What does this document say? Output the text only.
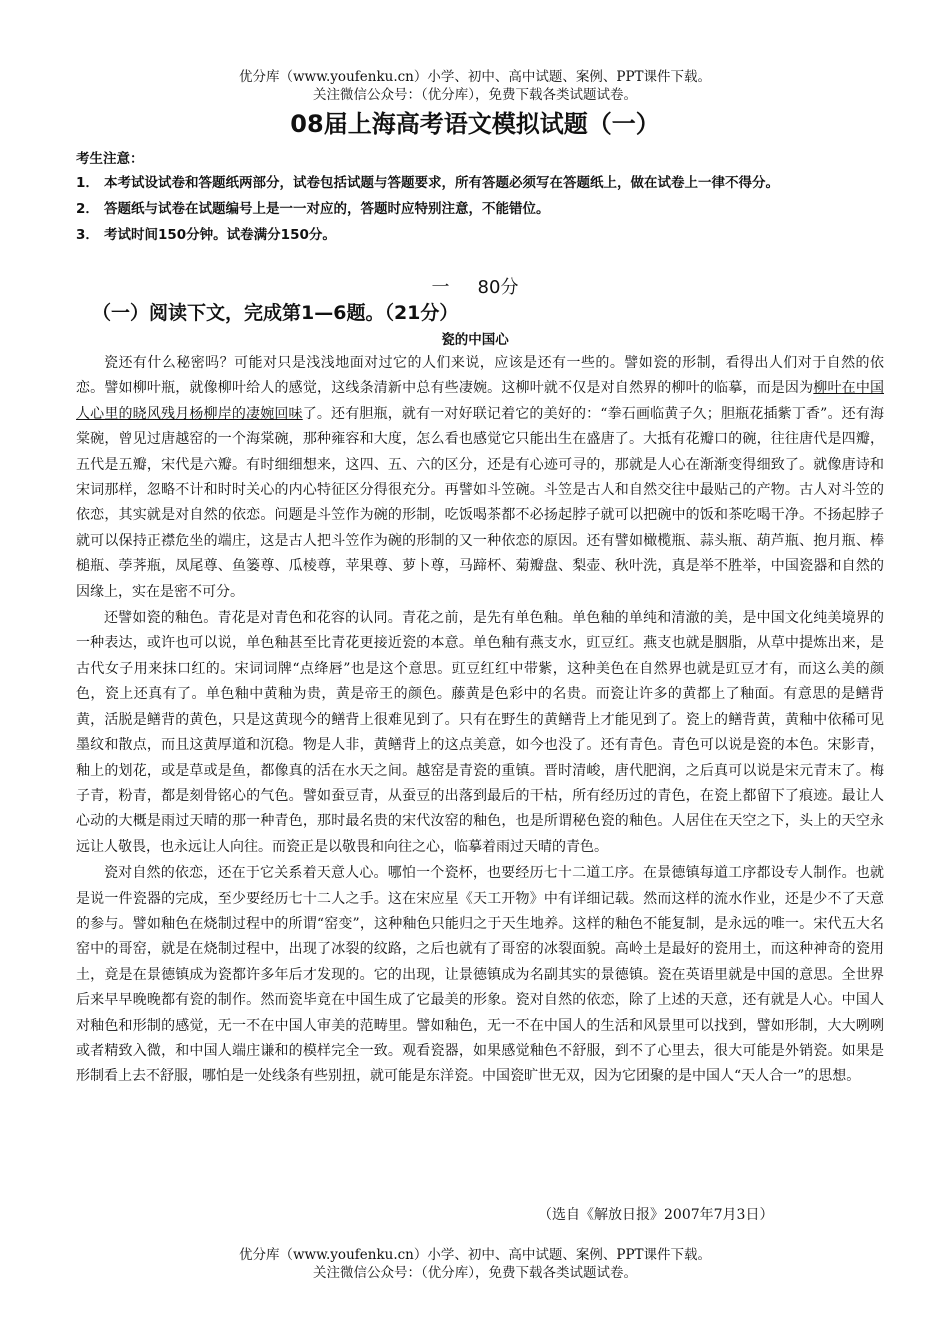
优分库（www.youfenku.cn）小学、初中、高中试题、案例、PPT课件下载。
关注微信公众号：（优分库），免费下载各类试题试卷。
08届上海高考语文模拟试题（一）
考生注意：
1． 本考试设试卷和答题纸两部分，试卷包括试题与答题要求，所有答题必须写在答题纸上，做在试卷上一律不得分。
2． 答题纸与试卷在试题编号上是一一对应的，答题时应特别注意，不能错位。
3． 考试时间150分钟。试卷满分150分。
一 80分
（一）阅读下文，完成第1—6题。（21分）
瓷的中国心

瓷还有什么秘密吗？可能对只是浅浅地面对过它的人们来说，应该是还有一些的。譬如瓷的形制，看得出人们对于自然的依恋。譬如柳叶瓶，就像柳叶给人的感觉，这线条清新中总有些凄婉。这柳叶就不仅是对自然界的柳叶的临摹，而是因为柳叶在中国人心里的晓风残月杨柳岸的凄婉回味了。还有胆瓶，就有一对好联记着它的美好的：“拳石画临黄子久；胆瓶花插紫丁香”。还有海棠碗，曾见过唐越窑的一个海棠碗，那种雍容和大度，怎么看也感觉它只能出生在盛唐了。大抵有花瓣口的碗，往往唐代是四瓣，五代是五瓣，宋代是六瓣。有时细细想来，这四、五、六的区分，还是有心迹可寻的，那就是人心在渐渐变得细致了。就像唐诗和宋词那样，忽略不计和时时关心的内心特征区分得很充分。再譬如斗笠碗。斗笠是古人和自然交往中最贴己的产物。古人对斗笠的依恋，其实就是对自然的依恋。问题是斗笠作为碗的形制，吃饭喝茶都不必扬起脖子就可以把碗中的饭和茶吃喝干净。不扬起脖子就可以保持正襟危坐的端庄，这是古人把斗笠作为碗的形制的又一种依恋的原因。还有譬如橄榄瓶、蒜头瓶、葫芦瓶、抱月瓶、棒槌瓶、荸荠瓶，凤尾尊、鱼篓尊、瓜棱尊，苹果尊、萝卜尊，马蹄杯、菊瓣盘、梨壶、秋叶洗，真是举不胜举，中国瓷器和自然的因缘上，实在是密不可分。

还譬如瓷的釉色。青花是对青色和花容的认同。青花之前，是先有单色釉。单色釉的单纯和清澈的美，是中国文化纯美境界的一种表达，或许也可以说，单色釉甚至比青花更接近瓷的本意。单色釉有燕支水，豇豆红。燕支也就是胭脂，从草中提炼出来，是古代女子用来抹口红的。宋词词牌“点绛唇”也是这个意思。豇豆红红中带紫，这种美色在自然界也就是豇豆才有，而这么美的颜色，瓷上还真有了。单色釉中黄釉为贵，黄是帝王的颜色。藤黄是色彩中的名贵。而瓷让许多的黄都上了釉面。有意思的是鳝背黄，活脱是鳝背的黄色，只是这黄现今的鳝背上很难见到了。只有在野生的黄鳝背上才能见到了。瓷上的鳝背黄，黄釉中依稀可见墨纹和散点，而且这黄厚道和沉稳。物是人非，黄鳝背上的这点美意，如今也没了。还有青色。青色可以说是瓷的本色。宋影青，釉上的划花，或是草或是鱼，都像真的活在水天之间。越窑是青瓷的重镇。晋时清峻，唐代肥润，之后真可以说是宋元青末了。梅子青，粉青，都是刻骨铭心的气色。譬如蚕豆青，从蚕豆的出落到最后的干枯，所有经历过的青色，在瓷上都留下了痕迹。最让人心动的大概是雨过天晴的那一种青色，那时最名贵的宋代汝窑的釉色，也是所谓秘色瓷的釉色。人居住在天空之下，头上的天空永远让人敬畏，也永远让人向往。而瓷正是以敬畏和向往之心，临摹着雨过天晴的青色。

瓷对自然的依恋，还在于它关系着天意人心。哪怕一个瓷杯，也要经历七十二道工序。在景德镇每道工序都设专人制作。也就是说一件瓷器的完成，至少要经历七十二人之手。这在宋应星《天工开物》中有详细记载。然而这样的流水作业，还是少不了天意的参与。譬如釉色在烧制过程中的所谓“窑变”，这种釉色只能归之于天生地养。这样的釉色不能复制，是永远的唯一。宋代五大名窑中的哥窑，就是在烧制过程中，出现了冰裂的纹路，之后也就有了哥窑的冰裂面貌。高岭土是最好的瓷用土，而这种神奇的瓷用土，竟是在景德镇成为瓷都许多年后才发现的。它的出现，让景德镇成为名副其实的景德镇。瓷在英语里就是中国的意思。全世界后来早早晚晚都有瓷的制作。然而瓷毕竟在中国生成了它最美的形象。瓷对自然的依恋，除了上述的天意，还有就是人心。中国人对釉色和形制的感觉，无一不在中国人审美的范畴里。譬如釉色，无一不在中国人的生活和风景里可以找到，譬如形制，大大咧咧或者精致入微，和中国人端庄谦和的模样完全一致。观看瓷器，如果感觉釉色不舒服，到不了心里去，很大可能是外销瓷。如果是形制看上去不舒服，哪怕是一处线条有些别扭，就可能是东洋瓷。中国瓷旷世无双，因为它团聚的是中国人“天人合一”的思想。

（选自《解放日报》2007年7月3日）
优分库（www.youfenku.cn）小学、初中、高中试题、案例、PPT课件下载。
关注微信公众号：（优分库），免费下载各类试题试卷。
